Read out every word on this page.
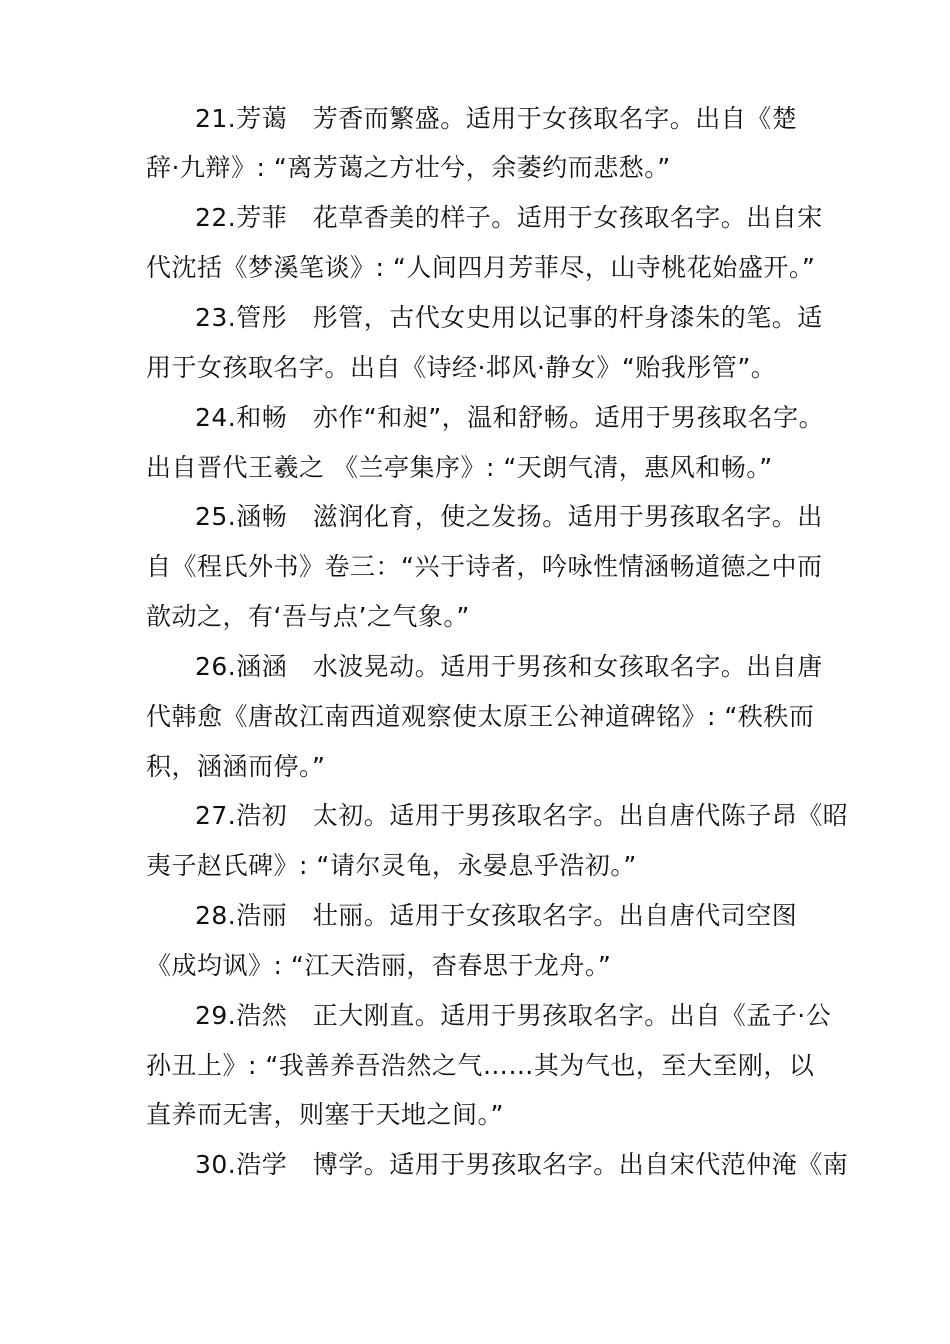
21.芳蔼　芳香而繁盛。适用于女孩取名字。出自《楚
辞·九辩》: “离芳蔼之方壮兮，余萎约而悲愁。”
22.芳菲　花草香美的样子。适用于女孩取名字。出自宋
代沈括《梦溪笔谈》: “人间四月芳菲尽，山寺桃花始盛开。”
23.管彤　彤管，古代女史用以记事的杆身漆朱的笔。适
用于女孩取名字。出自《诗经·邶风·静女》“贻我彤管”。
24.和畅　亦作“和昶”，温和舒畅。适用于男孩取名字。
出自晋代王羲之 《兰亭集序》: “天朗气清，惠风和畅。”
25.涵畅　滋润化育，使之发扬。适用于男孩取名字。出
自《程氏外书》卷三：“兴于诗者，吟咏性情涵畅道德之中而
歆动之，有‘吾与点’之气象。”
26.涵涵　水波晃动。适用于男孩和女孩取名字。出自唐
代韩愈《唐故江南西道观察使太原王公神道碑铭》: “秩秩而
积，涵涵而停。”
27.浩初　太初。适用于男孩取名字。出自唐代陈子昂《昭
夷子赵氏碑》: “请尔灵龟，永晏息乎浩初。”
28.浩丽　壮丽。适用于女孩取名字。出自唐代司空图
《成均讽》: “江天浩丽，杳春思于龙舟。”
29.浩然　正大刚直。适用于男孩取名字。出自《孟子·公
孙丑上》: “我善养吾浩然之气……其为气也，至大至刚，以
直养而无害，则塞于天地之间。”
30.浩学　博学。适用于男孩取名字。出自宋代范仲淹《南
